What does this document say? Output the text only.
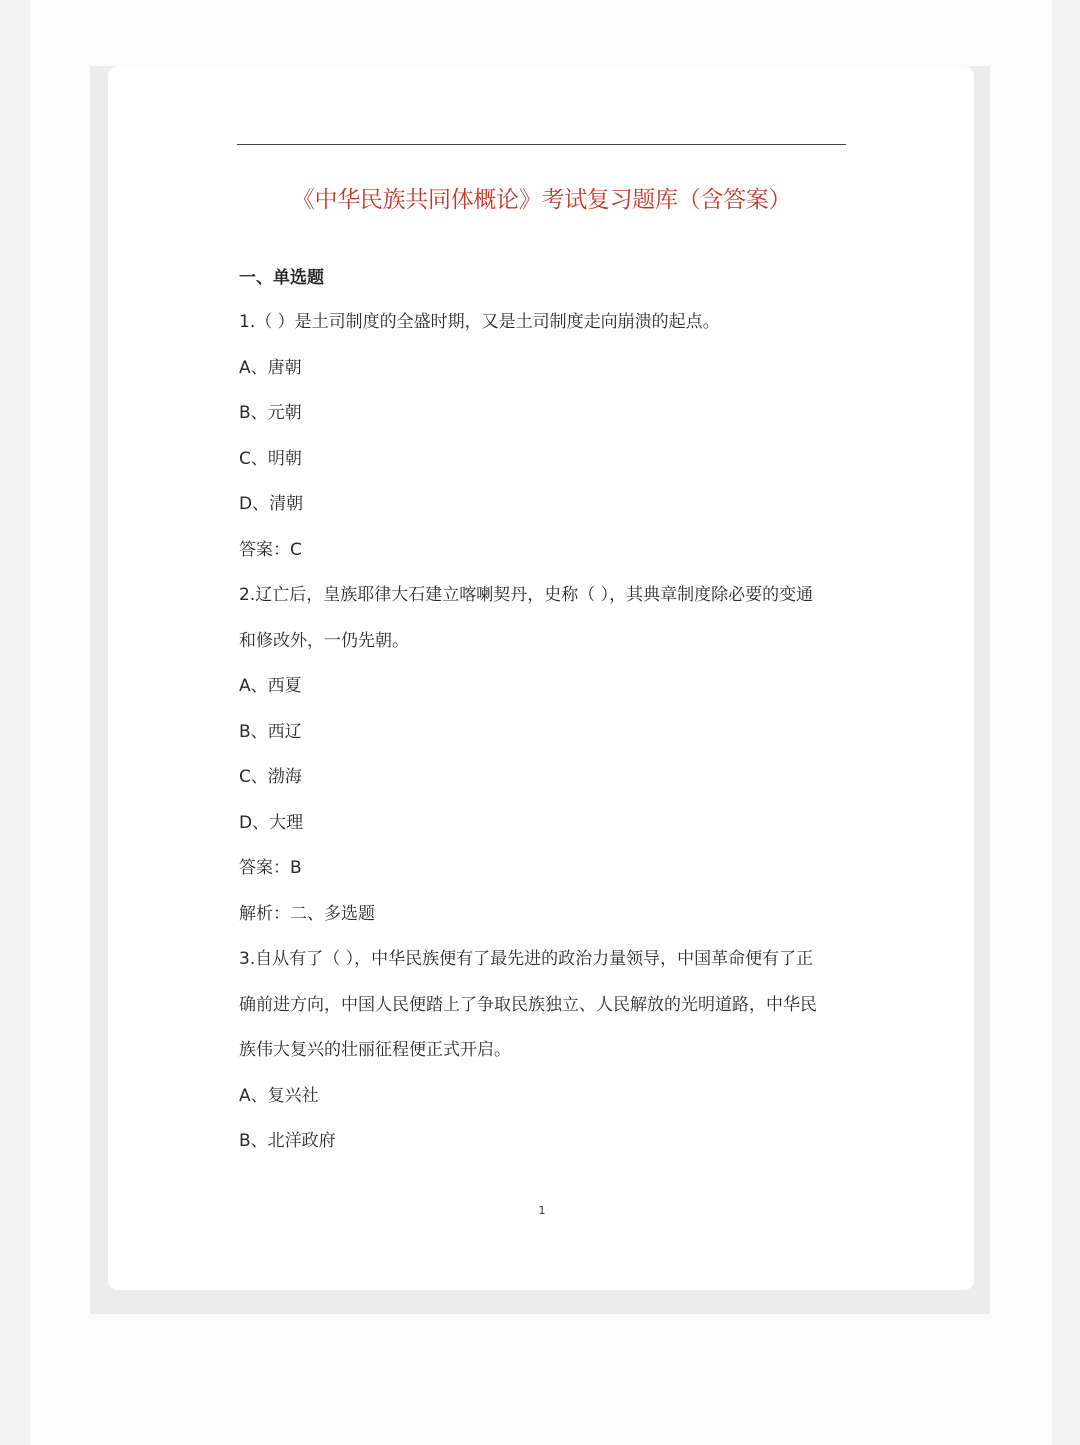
《中华民族共同体概论》考试复习题库（含答案）
一、单选题
1.（ ）是土司制度的全盛时期，又是土司制度走向崩溃的起点。
A、唐朝
B、元朝
C、明朝
D、清朝
答案：C
2.辽亡后，皇族耶律大石建立喀喇契丹，史称（ ），其典章制度除必要的变通
和修改外，一仍先朝。
A、西夏
B、西辽
C、渤海
D、大理
答案：B
解析：二、多选题
3.自从有了（ ），中华民族便有了最先进的政治力量领导，中国革命便有了正
确前进方向，中国人民便踏上了争取民族独立、人民解放的光明道路，中华民
族伟大复兴的壮丽征程便正式开启。
A、复兴社
B、北洋政府
1
